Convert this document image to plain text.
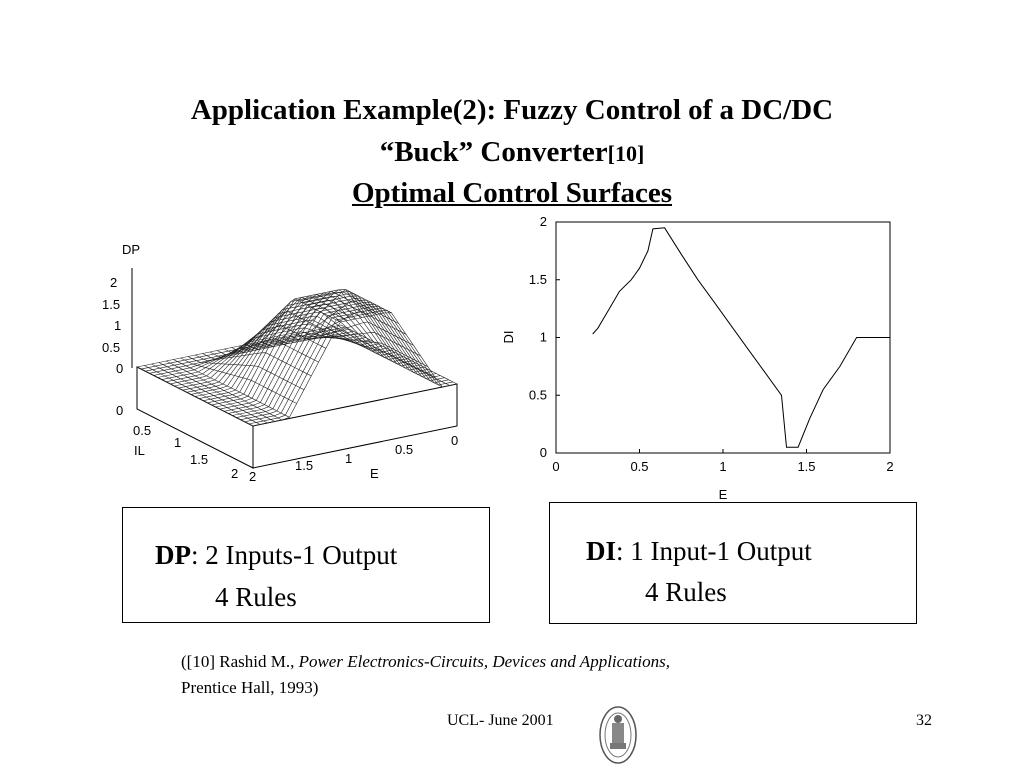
Application Example(2): Fuzzy Control of a DC/DC
“Buck” Converter[10]
Optimal Control Surfaces
DP
2
1.5
1
0.5
0
0
0.5
IL
1
1.5
2 2
1.5 1
E
0.5
0
0	0.5	1	1.5	2
0
0.5
1
1.5
2
DI
E
DP: 2 Inputs-1 Output
4 Rules
DI: 1 Input-1 Output
4 Rules
([10] Rashid M., Power Electronics-Circuits, Devices and Applications,
Prentice Hall, 1993)
UCL- June 2001	32
